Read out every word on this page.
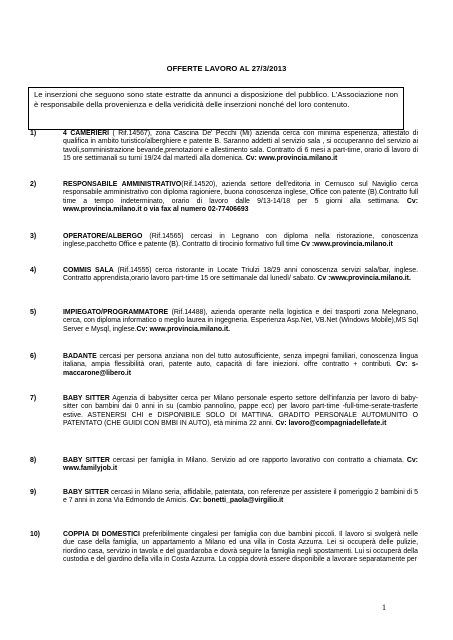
OFFERTE LAVORO AL 27/3/2013
Le inserzioni che seguono sono state estratte da annunci a disposizione del pubblico. L'Associazione non è responsabile della provenienza e della veridicità delle inserzioni nonché del loro contenuto.
1)	4 CAMERIERI ( Rif.14567), zona Cascina De' Pecchi (Mi) azienda cerca con minima esperienza, attestato di qualifica in ambito turistico/alberghiere e patente B. Saranno addetti al servizio sala , si occuperanno del servizio ai tavoli,somministrazione bevande,prenotazioni e allestimento sala. Contratto di 6 mesi a part-time, orario di lavoro di 15 ore settimanali su turni 19/24 dal martedì alla domenica. Cv: www.provincia.milano.it
2)	RESPONSABILE AMMINISTRATIVO(Rif.14520), azienda settore dell'editoria in Cernusco sul Naviglio cerca responsabile amministrativo con diploma ragioniere, buona conoscenza inglese, Office con patente (B).Contratto full time a tempo indeterminato, orario di lavoro dalle 9/13-14/18 per 5 giorni alla settimana. Cv: www.provincia.milano.it o via fax al numero 02-77406693
3)	OPERATORE/ALBERGO (Rif.14565) cercasi in Legnano con diploma nella ristorazione, conoscenza inglese,pacchetto Office e patente (B). Contratto di tirocinio formativo full time Cv :www.provincia.milano.it
4)	COMMIS SALA (Rif.14555) cerca ristorante in Locate Triulzi 18/29 anni conoscenza servizi sala/bar, inglese. Contratto apprendista,orario lavoro part-time 15 ore settimanale dal lunedì/ sabato. Cv :www.provincia.milano.it.
5)	IMPIEGATO/PROGRAMMATORE (Rif.14488), azienda operante nella logistica e dei trasporti zona Melegnano, cerca, con diploma informatico o meglio laurea in ingegneria. Esperienza Asp.Net, VB.Net (Windows Mobile),MS Sql Server e Mysql, inglese.Cv: www.provincia.milano.it.
6)	BADANTE cercasi per persona anziana non del tutto autosufficiente, senza impegni familiari, conoscenza lingua italiana, ampia flessibilità orari, patente auto, capacità di fare iniezioni. offre contratto + contributi. Cv: s-maccarone@libero.it
7)	BABY SITTER Agenzia di babysitter cerca per Milano personale esperto settore dell'infanzia per lavoro di baby-sitter con bambini dai 0 anni in su (cambio pannolino, pappe ecc) per lavoro part-time -full-time-serate-trasferte estive. ASTENERSI CHI e DISPONIBILE SOLO DI MATTINA. GRADITO PERSONALE AUTOMUNITO O PATENTATO (CHE GUIDI CON BMBI IN AUTO), età minima 22 anni. Cv: lavoro@compagniadellefate.it
8)	BABY SITTER cercasi per famiglia in Milano. Servizio ad ore rapporto lavorativo con contratto a chiamata. Cv: www.familyjob.it
9)	BABY SITTER cercasi in Milano seria, affidabile, patentata, con referenze per assistere il pomeriggio 2 bambini di 5 e 7 anni in zona Via Edmondo de Amicis. Cv: bonetti_paola@virgilio.it
10)	COPPIA DI DOMESTICI preferibilmente cingalesi per famiglia con due bambini piccoli. Il lavoro si svolgerà nelle due case della famiglia, un appartamento a Milano ed una villa in Costa Azzurra. Lei si occuperà delle pulizie, riordino casa, servizio in tavola e del guardaroba e dovrà seguire la famiglia negli spostamenti. Lui si occuperà della custodia e del giardino della villa in Costa Azzurra. La coppia dovrà essere disponibile a lavorare separatamente per
1
